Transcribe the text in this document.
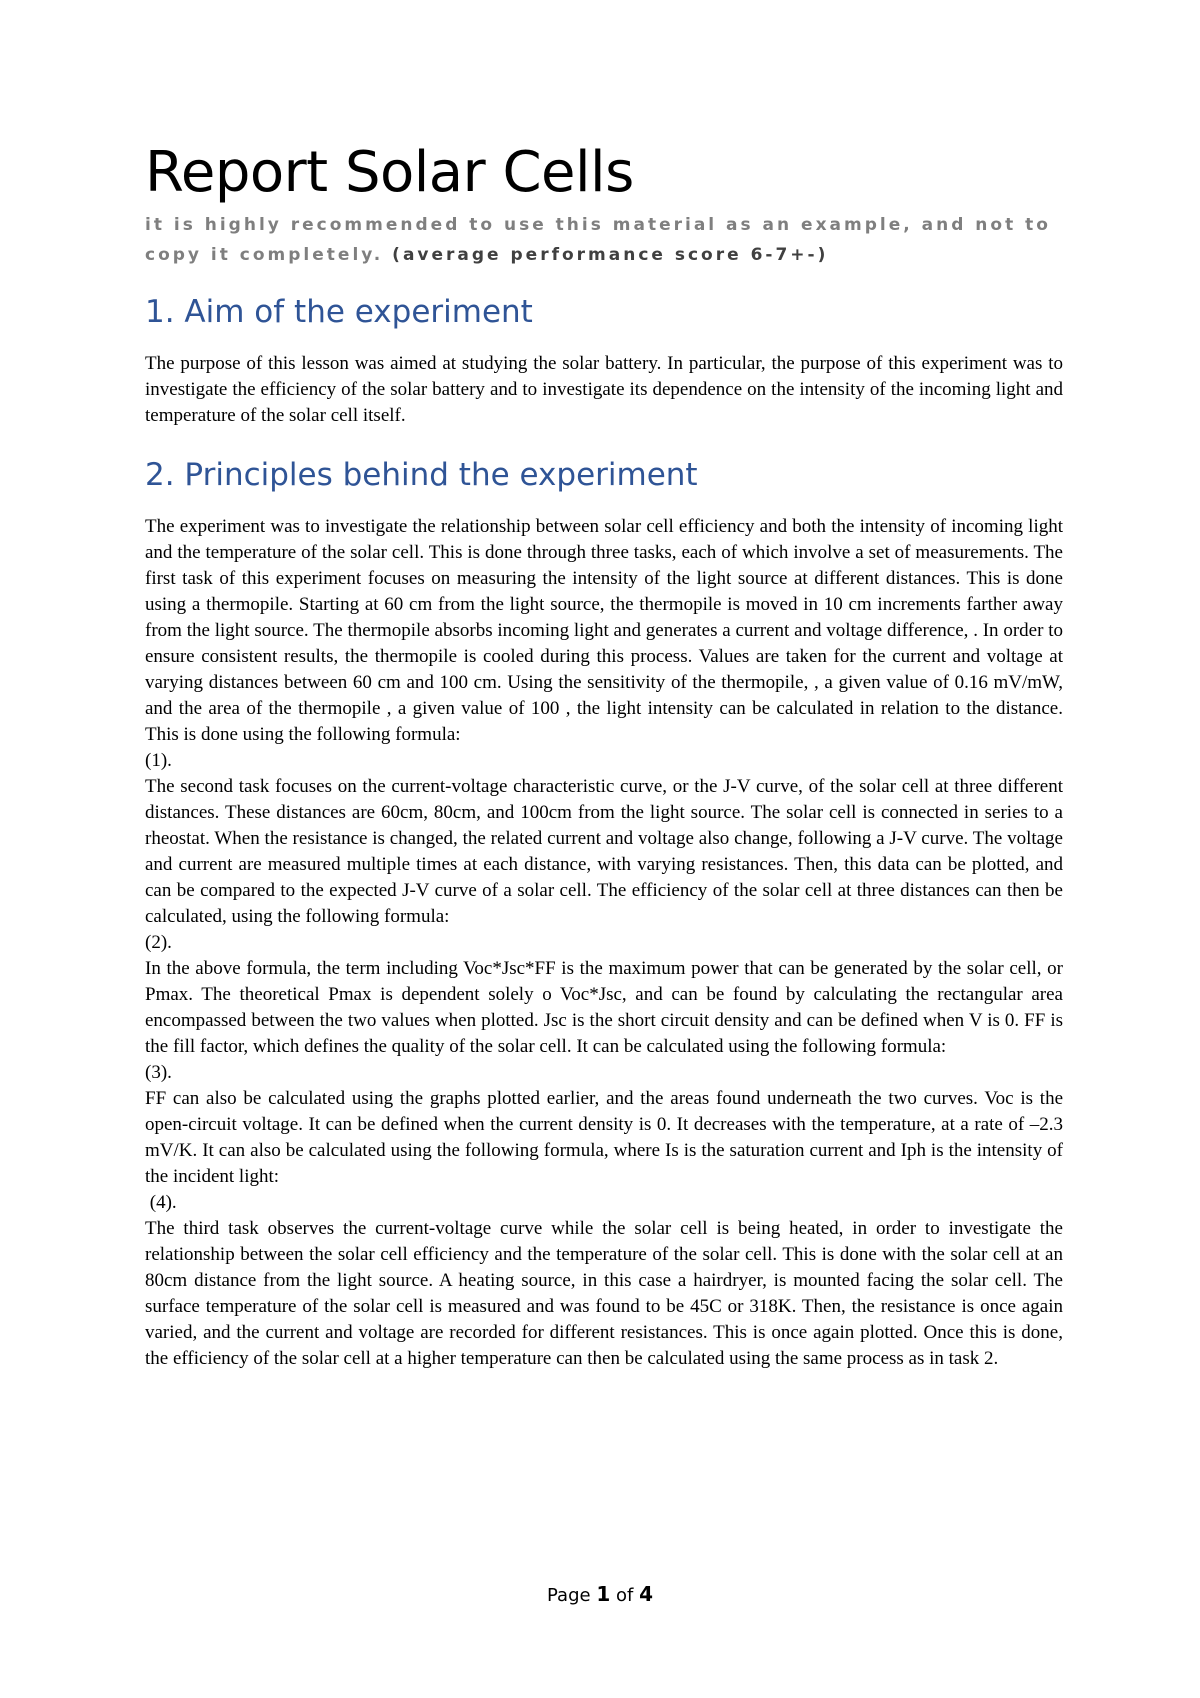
Report Solar Cells
it is highly recommended to use this material as an example, and not to copy it completely. (average performance score 6-7+-)
1. Aim of the experiment

The purpose of this lesson was aimed at studying the solar battery. In particular, the purpose of this experiment was to investigate the efficiency of the solar battery and to investigate its dependence on the intensity of the incoming light and temperature of the solar cell itself.

2. Principles behind the experiment

The experiment was to investigate the relationship between solar cell efficiency and both the intensity of incoming light and the temperature of the solar cell. This is done through three tasks, each of which involve a set of measurements. The first task of this experiment focuses on measuring the intensity of the light source at different distances. This is done using a thermopile. Starting at 60 cm from the light source, the thermopile is moved in 10 cm increments farther away from the light source. The thermopile absorbs incoming light and generates a current and voltage difference, . In order to ensure consistent results, the thermopile is cooled during this process. Values are taken for the current and voltage at varying distances between 60 cm and 100 cm. Using the sensitivity of the thermopile, , a given value of 0.16 mV/mW, and the area of the thermopile , a given value of 100 , the light intensity can be calculated in relation to the distance. This is done using the following formula:

(1).

The second task focuses on the current-voltage characteristic curve, or the J-V curve, of the solar cell at three different distances. These distances are 60cm, 80cm, and 100cm from the light source. The solar cell is connected in series to a rheostat. When the resistance is changed, the related current and voltage also change, following a J-V curve. The voltage and current are measured multiple times at each distance, with varying resistances. Then, this data can be plotted, and can be compared to the expected J-V curve of a solar cell. The efficiency of the solar cell at three distances can then be calculated, using the following formula:

(2).

In the above formula, the term including Voc*Jsc*FF is the maximum power that can be generated by the solar cell, or Pmax. The theoretical Pmax is dependent solely o Voc*Jsc, and can be found by calculating the rectangular area encompassed between the two values when plotted. Jsc is the short circuit density and can be defined when V is 0. FF is the fill factor, which defines the quality of the solar cell. It can be calculated using the following formula:

(3).

FF can also be calculated using the graphs plotted earlier, and the areas found underneath the two curves. Voc is the open-circuit voltage. It can be defined when the current density is 0. It decreases with the temperature, at a rate of –2.3 mV/K. It can also be calculated using the following formula, where Is is the saturation current and Iph is the intensity of the incident light:

(4).

The third task observes the current-voltage curve while the solar cell is being heated, in order to investigate the relationship between the solar cell efficiency and the temperature of the solar cell. This is done with the solar cell at an 80cm distance from the light source. A heating source, in this case a hairdryer, is mounted facing the solar cell. The surface temperature of the solar cell is measured and was found to be 45C or 318K. Then, the resistance is once again varied, and the current and voltage are recorded for different resistances. This is once again plotted. Once this is done, the efficiency of the solar cell at a higher temperature can then be calculated using the same process as in task 2.

Page 1 of 4
